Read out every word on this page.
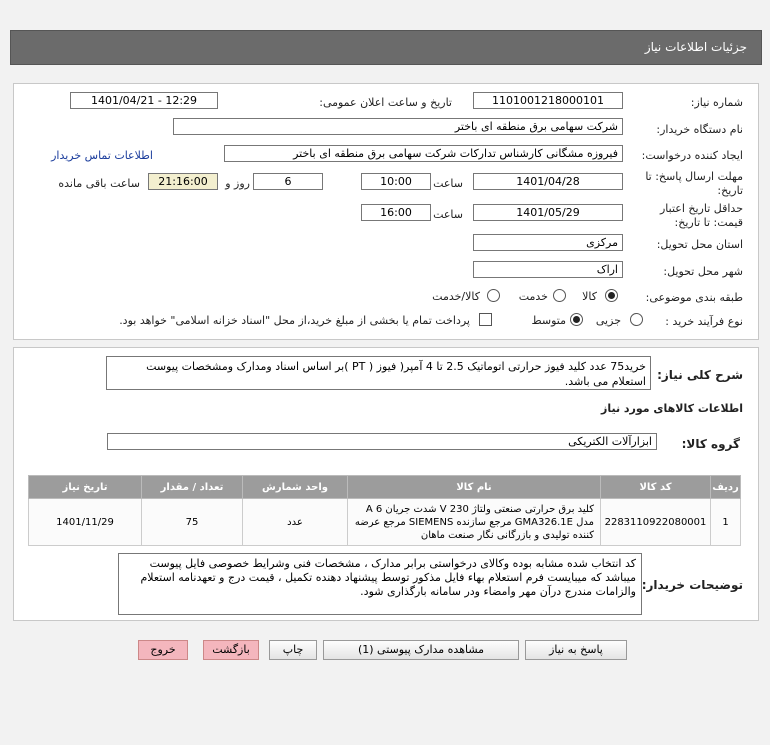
جزئیات اطلاعات نیاز
شماره نیاز:
1101001218000101
تاریخ و ساعت اعلان عمومی:
1401/04/21 - 12:29
نام دستگاه خریدار:
شرکت سهامی برق منطقه ای باختر
ایجاد کننده درخواست:
فیروزه مشگانی کارشناس تدارکات شرکت سهامی برق منطقه ای باختر
اطلاعات تماس خریدار
مهلت ارسال پاسخ: تا
تاریخ:
1401/04/28
ساعت
10:00
6
روز و
21:16:00
ساعت باقی مانده
حداقل تاریخ اعتبار
قیمت: تا تاریخ:
1401/05/29
ساعت
16:00
استان محل تحویل:
مرکزی
شهر محل تحویل:
اراک
طبقه بندی موضوعی:
کالا
خدمت
کالا/خدمت
نوع فرآیند خرید :
جزیی
متوسط
پرداخت تمام یا بخشی از مبلغ خرید،از محل "اسناد خزانه اسلامی" خواهد بود.
شرح کلی نیاز:
خرید75 عدد کلید فیوز حرارتی اتوماتیک 2.5 تا 4 آمپر( فیوز ( PT )بر اساس اسناد ومدارک ومشخصات پیوست استعلام می باشد.
اطلاعات کالاهای مورد نیاز
گروه کالا:
ابزارآلات الکتریکی
ردیف	کد کالا	نام کالا	واحد شمارش	تعداد / مقدار	تاریخ نیاز
1	2283110922080001	کلید برق حرارتی صنعتی ولتاژ 230 V شدت جریان 6 A مدل GMA326.1E مرجع سازنده SIEMENS مرجع عرضه کننده تولیدی و بازرگانی نگار صنعت ماهان	عدد	75	1401/11/29
توضیحات خریدار:
کد انتخاب شده مشابه بوده وکالای درخواستی برابر مدارک ، مشخصات فنی وشرایط خصوصی فایل پیوست میباشد که میبایست فرم استعلام بهاء فایل مذکور توسط پیشنهاد دهنده تکمیل ، قیمت درج و تعهدنامه استعلام والزامات مندرج درآن مهر وامضاء ودر سامانه بارگذاری شود.
پاسخ به نیاز
مشاهده مدارک پیوستی (1)
چاپ
بازگشت
خروج
